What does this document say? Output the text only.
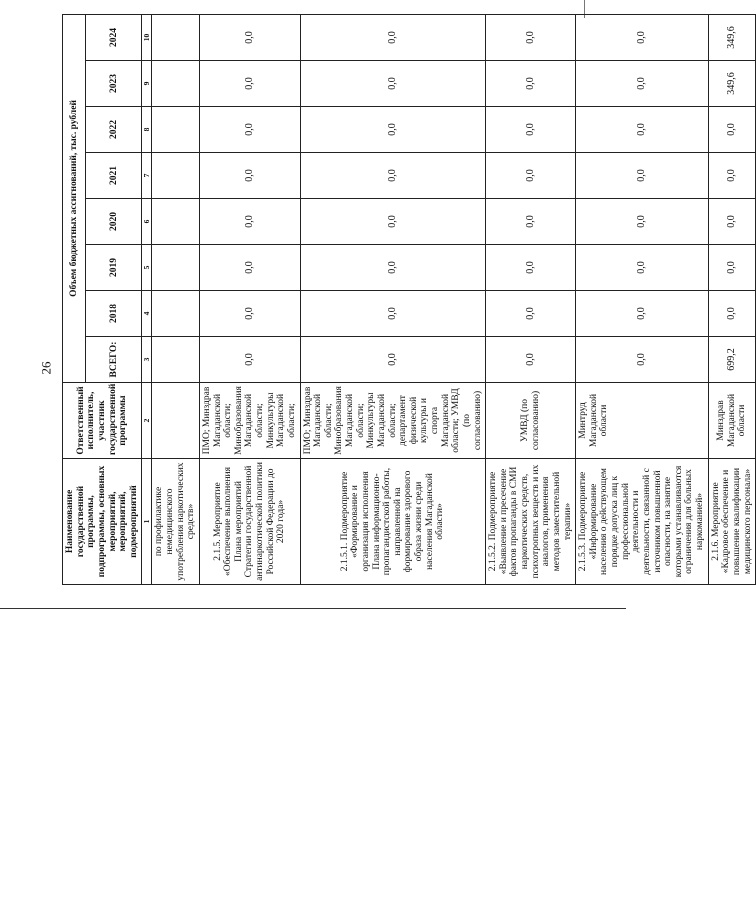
26
Наименование государственной программы, подпрограммы, основных мероприятий, мероприятий, подмероприятий	Ответственный исполнитель, участник государственной программы	Объем бюджетных ассигнований, тыс. рублей							
		ВСЕГО:	2018	2019	2020	2021	2022	2023	2024
1	2	3	4	5	6	7	8	9	10
по профилактике немедицинского употребления наркотических средств»									
2.1.5. Мероприятие «Обеспечение выполнения Плана мероприятий Стратегии государственной антинаркотической политики Российской Федерации до 2020 года»	ПМО; Минздрав Магаданской области; Минобразования Магаданской области; Минкультуры Магаданской области;	0,0	0,0	0,0	0,0	0,0	0,0	0,0	0,0
2.1.5.1. Подмероприятие «Формирование и организация исполнения Плана информационно-пропагандистской работы, направленной на формирование здорового образа жизни среди населения Магаданской области»	ПМО; Минздрав Магаданской области; Минобразования Магаданской области; Минкультуры Магаданской области; департамент физической культуры и спорта Магаданской области; УМВД (по согласованию)	0,0	0,0	0,0	0,0	0,0	0,0	0,0	0,0
2.1.5.2. Подмероприятие «Выявление и пресечение фактов пропаганды в СМИ наркотических средств, психотропных веществ и их аналогов, применения методов заместительной терапии»	УМВД (по согласованию)	0,0	0,0	0,0	0,0	0,0	0,0	0,0	0,0
2.1.5.3. Подмероприятие «Информирование населения о действующем порядке допуска лиц к профессиональной деятельности и деятельности, связанной с источником повышенной опасности, на занятие которыми устанавливаются ограничения для больных наркоманией»	Минтруд Магаданской области	0,0	0,0	0,0	0,0	0,0	0,0	0,0	0,0
2.1.6. Мероприятие «Кадровое обеспечение и повышение квалификации медицинского персонала»	Минздрав Магаданской области	699,2	0,0	0,0	0,0	0,0	0,0	349,6	349,6
